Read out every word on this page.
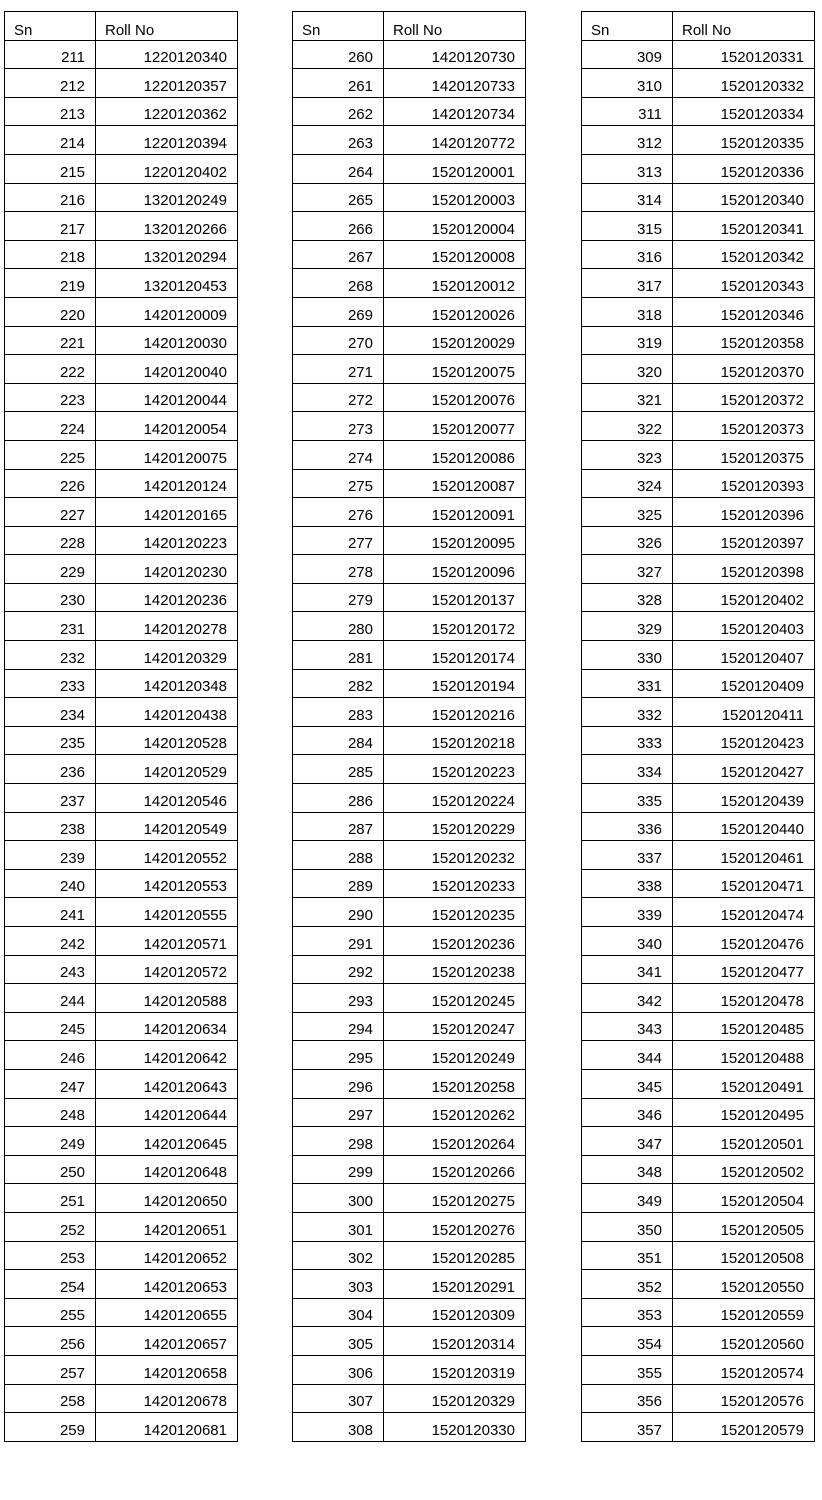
Sn	Roll No
211	1220120340
212	1220120357
213	1220120362
214	1220120394
215	1220120402
216	1320120249
217	1320120266
218	1320120294
219	1320120453
220	1420120009
221	1420120030
222	1420120040
223	1420120044
224	1420120054
225	1420120075
226	1420120124
227	1420120165
228	1420120223
229	1420120230
230	1420120236
231	1420120278
232	1420120329
233	1420120348
234	1420120438
235	1420120528
236	1420120529
237	1420120546
238	1420120549
239	1420120552
240	1420120553
241	1420120555
242	1420120571
243	1420120572
244	1420120588
245	1420120634
246	1420120642
247	1420120643
248	1420120644
249	1420120645
250	1420120648
251	1420120650
252	1420120651
253	1420120652
254	1420120653
255	1420120655
256	1420120657
257	1420120658
258	1420120678
259	1420120681
Sn	Roll No
260	1420120730
261	1420120733
262	1420120734
263	1420120772
264	1520120001
265	1520120003
266	1520120004
267	1520120008
268	1520120012
269	1520120026
270	1520120029
271	1520120075
272	1520120076
273	1520120077
274	1520120086
275	1520120087
276	1520120091
277	1520120095
278	1520120096
279	1520120137
280	1520120172
281	1520120174
282	1520120194
283	1520120216
284	1520120218
285	1520120223
286	1520120224
287	1520120229
288	1520120232
289	1520120233
290	1520120235
291	1520120236
292	1520120238
293	1520120245
294	1520120247
295	1520120249
296	1520120258
297	1520120262
298	1520120264
299	1520120266
300	1520120275
301	1520120276
302	1520120285
303	1520120291
304	1520120309
305	1520120314
306	1520120319
307	1520120329
308	1520120330
Sn	Roll No
309	1520120331
310	1520120332
311	1520120334
312	1520120335
313	1520120336
314	1520120340
315	1520120341
316	1520120342
317	1520120343
318	1520120346
319	1520120358
320	1520120370
321	1520120372
322	1520120373
323	1520120375
324	1520120393
325	1520120396
326	1520120397
327	1520120398
328	1520120402
329	1520120403
330	1520120407
331	1520120409
332	1520120411
333	1520120423
334	1520120427
335	1520120439
336	1520120440
337	1520120461
338	1520120471
339	1520120474
340	1520120476
341	1520120477
342	1520120478
343	1520120485
344	1520120488
345	1520120491
346	1520120495
347	1520120501
348	1520120502
349	1520120504
350	1520120505
351	1520120508
352	1520120550
353	1520120559
354	1520120560
355	1520120574
356	1520120576
357	1520120579
